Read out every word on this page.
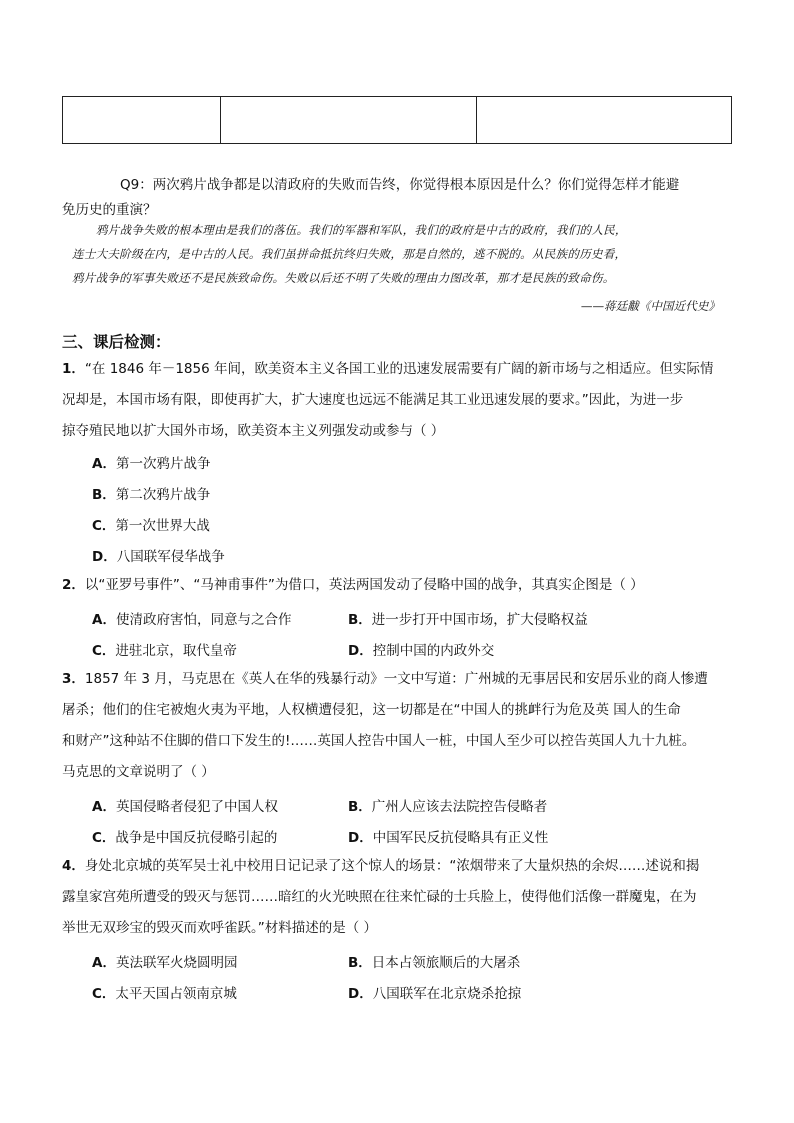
Q9：两次鸦片战争都是以清政府的失败而告终，你觉得根本原因是什么？你们觉得怎样才能避
免历史的重演？

鸦片战争失败的根本理由是我们的落伍。我们的军器和军队，我们的政府是中古的政府，我们的人民，

连士大夫阶级在内，是中古的人民。我们虽拼命抵抗终归失败，那是自然的，逃不脱的。从民族的历史看，

鸦片战争的军事失败还不是民族致命伤。失败以后还不明了失败的理由力图改革，那才是民族的致命伤。

——蒋廷黻《中国近代史》
三、课后检测：

1．“在 1846 年－1856 年间，欧美资本主义各国工业的迅速发展需要有广阔的新市场与之相适应。但实际情

况却是，本国市场有限，即使再扩大，扩大速度也远远不能满足其工业迅速发展的要求。”因此，为进一步

掠夺殖民地以扩大国外市场，欧美资本主义列强发动或参与（ ）

A．第一次鸦片战争
B．第二次鸦片战争
C．第一次世界大战
D．八国联军侵华战争

2．以“亚罗号事件”、“马神甫事件”为借口，英法两国发动了侵略中国的战争，其真实企图是（ ）

A．使清政府害怕，同意与之合作	B．进一步打开中国市场，扩大侵略权益
C．进驻北京，取代皇帝	D．控制中国的内政外交

3．1857 年 3 月，马克思在《英人在华的残暴行动》一文中写道：广州城的无事居民和安居乐业的商人惨遭

屠杀；他们的住宅被炮火夷为平地，人权横遭侵犯，这一切都是在“中国人的挑衅行为危及英 国人的生命

和财产”这种站不住脚的借口下发生的!……英国人控告中国人一桩，中国人至少可以控告英国人九十九桩。

马克思的文章说明了（ ）

A．英国侵略者侵犯了中国人权	B．广州人应该去法院控告侵略者
C．战争是中国反抗侵略引起的	D．中国军民反抗侵略具有正义性

4．身处北京城的英军吴士礼中校用日记记录了这个惊人的场景：“浓烟带来了大量炽热的余烬……述说和揭

露皇家宫苑所遭受的毁灭与惩罚……暗红的火光映照在往来忙碌的士兵脸上，使得他们活像一群魔鬼，在为

举世无双珍宝的毁灭而欢呼雀跃。”材料描述的是（ ）

A．英法联军火烧圆明园	B．日本占领旅顺后的大屠杀
C．太平天国占领南京城	D．八国联军在北京烧杀抢掠
